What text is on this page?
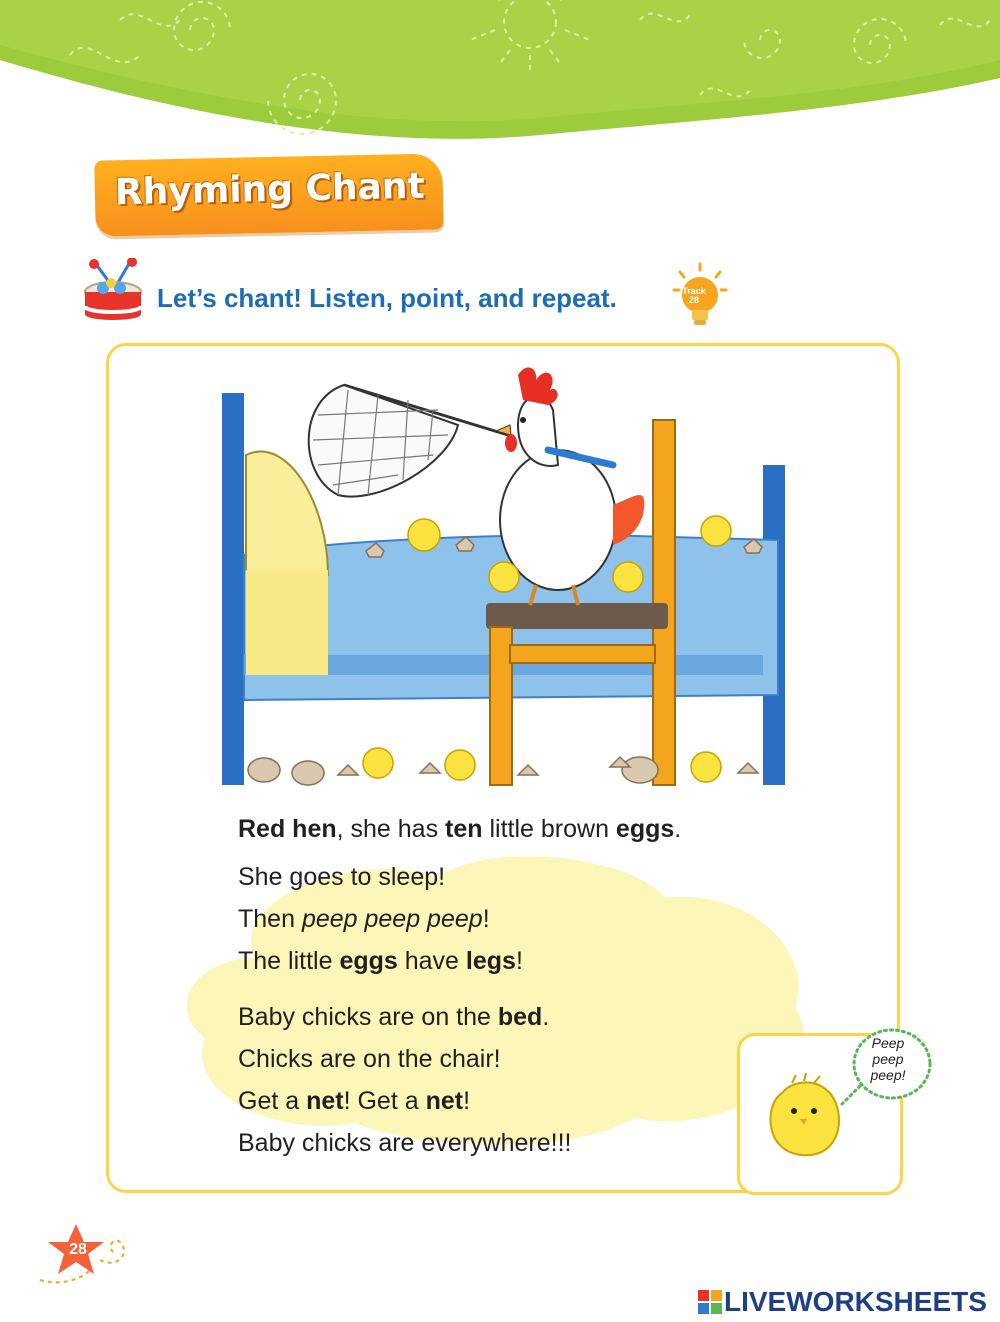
Rhyming Chant
Let’s chant! Listen, point, and repeat.	Track
28
Red hen, she has ten little brown eggs.
She goes to sleep!
Then peep peep peep!
The little eggs have legs!
Baby chicks are on the bed.
Chicks are on the chair!
Get a net! Get a net!
Baby chicks are everywhere!!!
Peep
peep
peep!
28
LIVEWORKSHEETS
